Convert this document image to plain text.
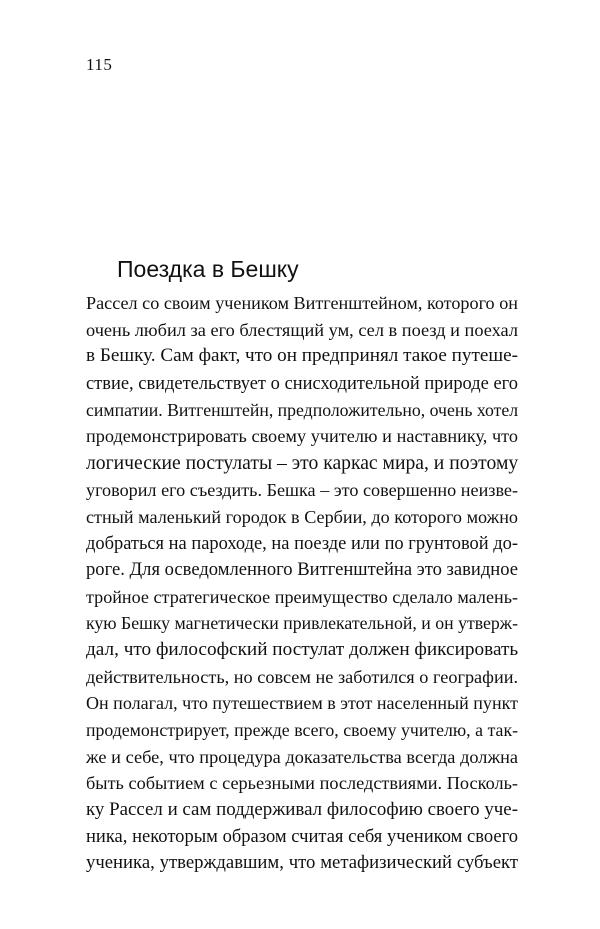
115
Поездка в Бешку
Рассел со своим учеником Витгенштейном, которого он
очень любил за его блестящий ум, сел в поезд и поехал
в Бешку. Сам факт, что он предпринял такое путеше-
ствие, свидетельствует о снисходительной природе его
симпатии. Витгенштейн, предположительно, очень хотел
продемонстрировать своему учителю и наставнику, что
логические постулаты – это каркас мира, и поэтому
уговорил его съездить. Бешка – это совершенно неизве-
стный маленький городок в Сербии, до которого можно
добраться на пароходе, на поезде или по грунтовой до-
роге. Для осведомленного Витгенштейна это завидное
тройное стратегическое преимущество сделало малень-
кую Бешку магнетически привлекательной, и он утверж-
дал, что философский постулат должен фиксировать
действительность, но совсем не заботился о географии.
Он полагал, что путешествием в этот населенный пункт
продемонстрирует, прежде всего, своему учителю, а так-
же и себе, что процедура доказательства всегда должна
быть событием с серьезными последствиями. Посколь-
ку Рассел и сам поддерживал философию своего уче-
ника, некоторым образом считая себя учеником своего
ученика, утверждавшим, что метафизический субъект
